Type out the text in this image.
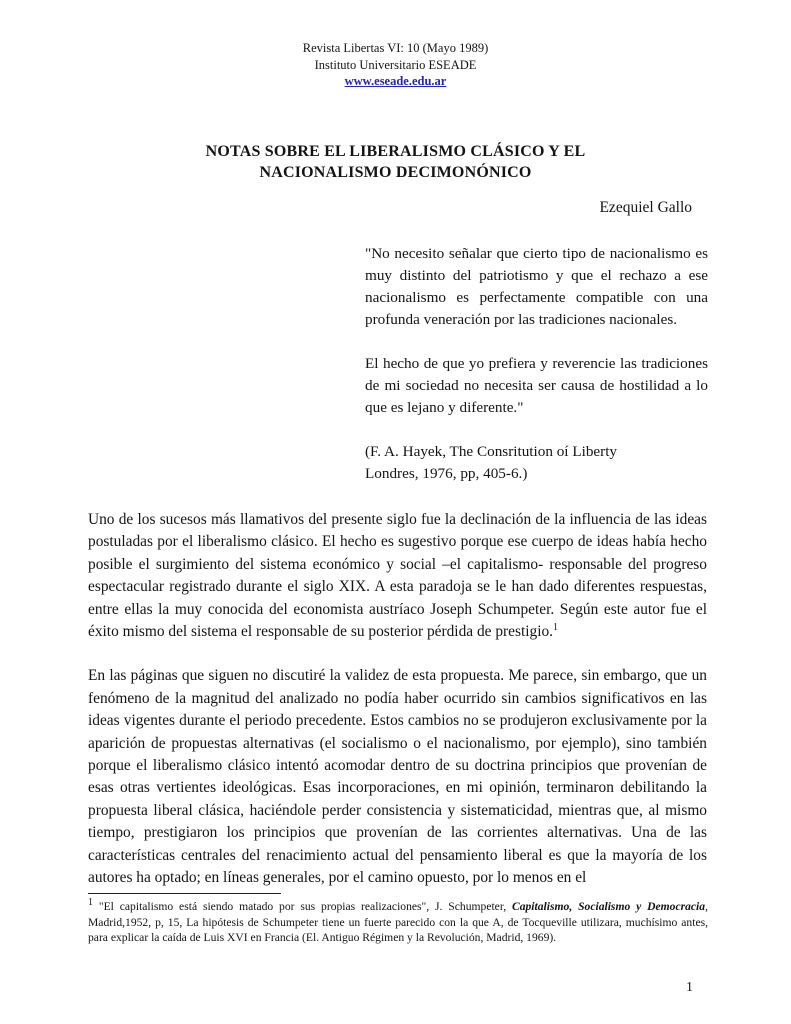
Revista Libertas VI: 10 (Mayo 1989)
Instituto Universitario ESEADE
www.eseade.edu.ar
NOTAS SOBRE EL LIBERALISMO CLÁSICO Y EL
NACIONALISMO DECIMONÓNICO
Ezequiel Gallo

"No necesito señalar que cierto tipo de nacionalismo es muy distinto del patriotismo y que el rechazo a ese nacionalismo es perfectamente compatible con una profunda veneración por las tradiciones nacionales.

El hecho de que yo prefiera y reverencie las tradiciones de mi sociedad no necesita ser causa de hostilidad a lo que es lejano y diferente."

(F. A. Hayek, The Consritution oí Liberty
Londres, 1976, pp, 405-6.)

Uno de los sucesos más llamativos del presente siglo fue la declinación de la influencia de las ideas postuladas por el liberalismo clásico. El hecho es sugestivo porque ese cuerpo de ideas había hecho posible el surgimiento del sistema económico y social –el capitalismo- responsable del progreso espectacular registrado durante el siglo XIX. A esta paradoja se le han dado diferentes respuestas, entre ellas la muy conocida del economista austríaco Joseph Schumpeter. Según este autor fue el éxito mismo del sistema el responsable de su posterior pérdida de prestigio.$^1$

En las páginas que siguen no discutiré la validez de esta propuesta. Me parece, sin embargo, que un fenómeno de la magnitud del analizado no podía haber ocurrido sin cambios significativos en las ideas vigentes durante el periodo precedente. Estos cambios no se produjeron exclusivamente por la aparición de propuestas alternativas (el socialismo o el nacionalismo, por ejemplo), sino también porque el liberalismo clásico intentó acomodar dentro de su doctrina principios que provenían de esas otras vertientes ideológicas. Esas incorporaciones, en mi opinión, terminaron debilitando la propuesta liberal clásica, haciéndole perder consistencia y sistematicidad, mientras que, al mismo tiempo, prestigiaron los principios que provenían de las corrientes alternativas. Una de las características centrales del renacimiento actual del pensamiento liberal es que la mayoría de los autores ha optado; en líneas generales, por el camino opuesto, por lo menos en el

$^1$ "El capitalismo está siendo matado por sus propias realizaciones", J. Schumpeter, Capitalismo, Socialismo y Democracia, Madrid,1952, p, 15, La hipótesis de Schumpeter tiene un fuerte parecido con la que A, de Tocqueville utilizara, muchísimo antes, para explicar la caída de Luis XVI en Francia (El. Antiguo Régimen y la Revolución, Madrid, 1969).
1
